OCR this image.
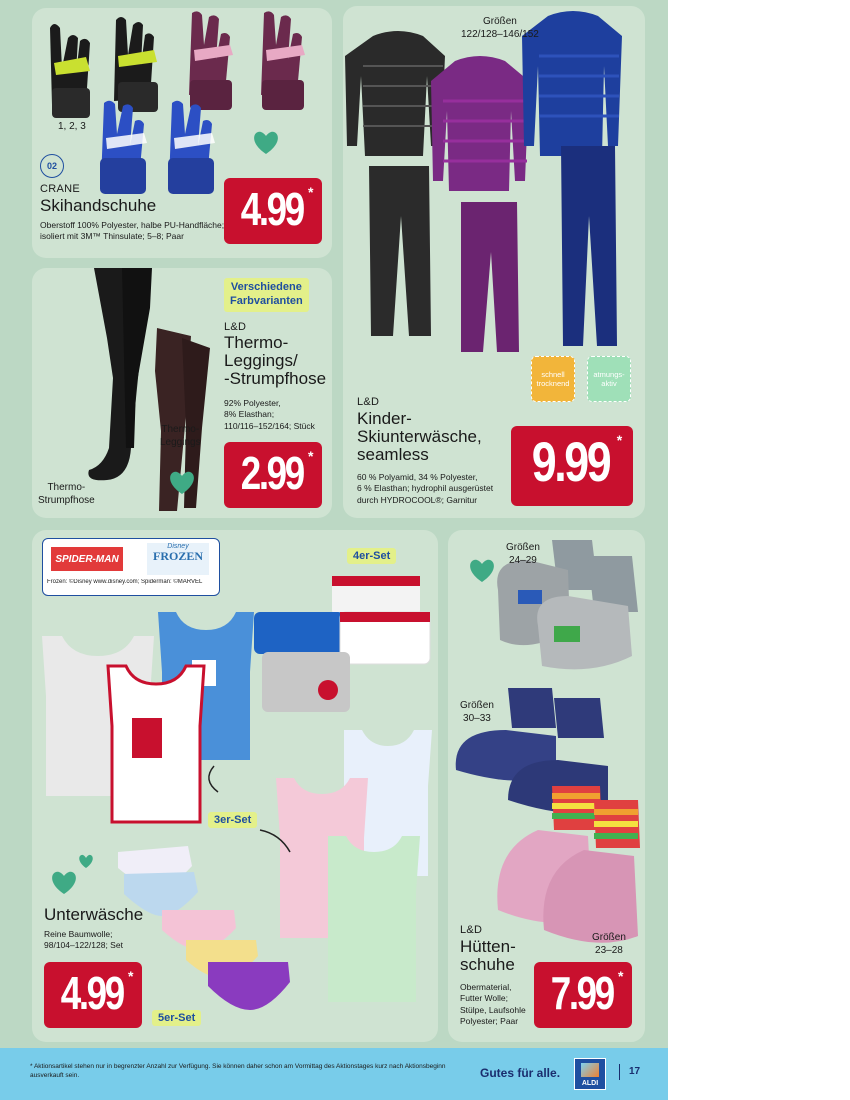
1, 2, 3
02
CRANE
Skihandschuhe
Oberstoff 100% Polyester, halbe PU-Handfläche;
isoliert mit 3M™ Thinsulate; 5–8; Paar
4.99 *
Verschiedene
Farbvarianten
L&D
Thermo-
Leggings/
-Strumpfhose
92% Polyester,
8% Elasthan;
110/116–152/164; Stück
Thermo-
Leggings
Thermo-
Strumpfhose
2.99 *
Größen
122/128–146/152
schnell
trocknend
atmungs-
aktiv
L&D
Kinder-
Skiunterwäsche,
seamless
60 % Polyamid, 34 % Polyester,
6 % Elasthan; hydrophil ausgerüstet
durch HYDROCOOL®; Garnitur
9.99 *
SPIDER-MAN
Disney
FROZEN
Frozen: ©Disney www.disney.com; Spiderman: ©MARVEL
4er-Set
3er-Set
Unterwäsche
Reine Baumwolle;
98/104–122/128; Set
4.99 *
5er-Set
Größen
24–29
Größen
30–33
L&D
Hütten-
schuhe
Größen
23–28
Obermaterial,
Futter Wolle;
Stülpe, Laufsohle
Polyester; Paar
7.99 *
* Aktionsartikel stehen nur in begrenzter Anzahl zur Verfügung. Sie können daher schon am Vormittag des Aktionstages kurz nach Aktionsbeginn
ausverkauft sein.	Gutes für alle.
ALDI
17
